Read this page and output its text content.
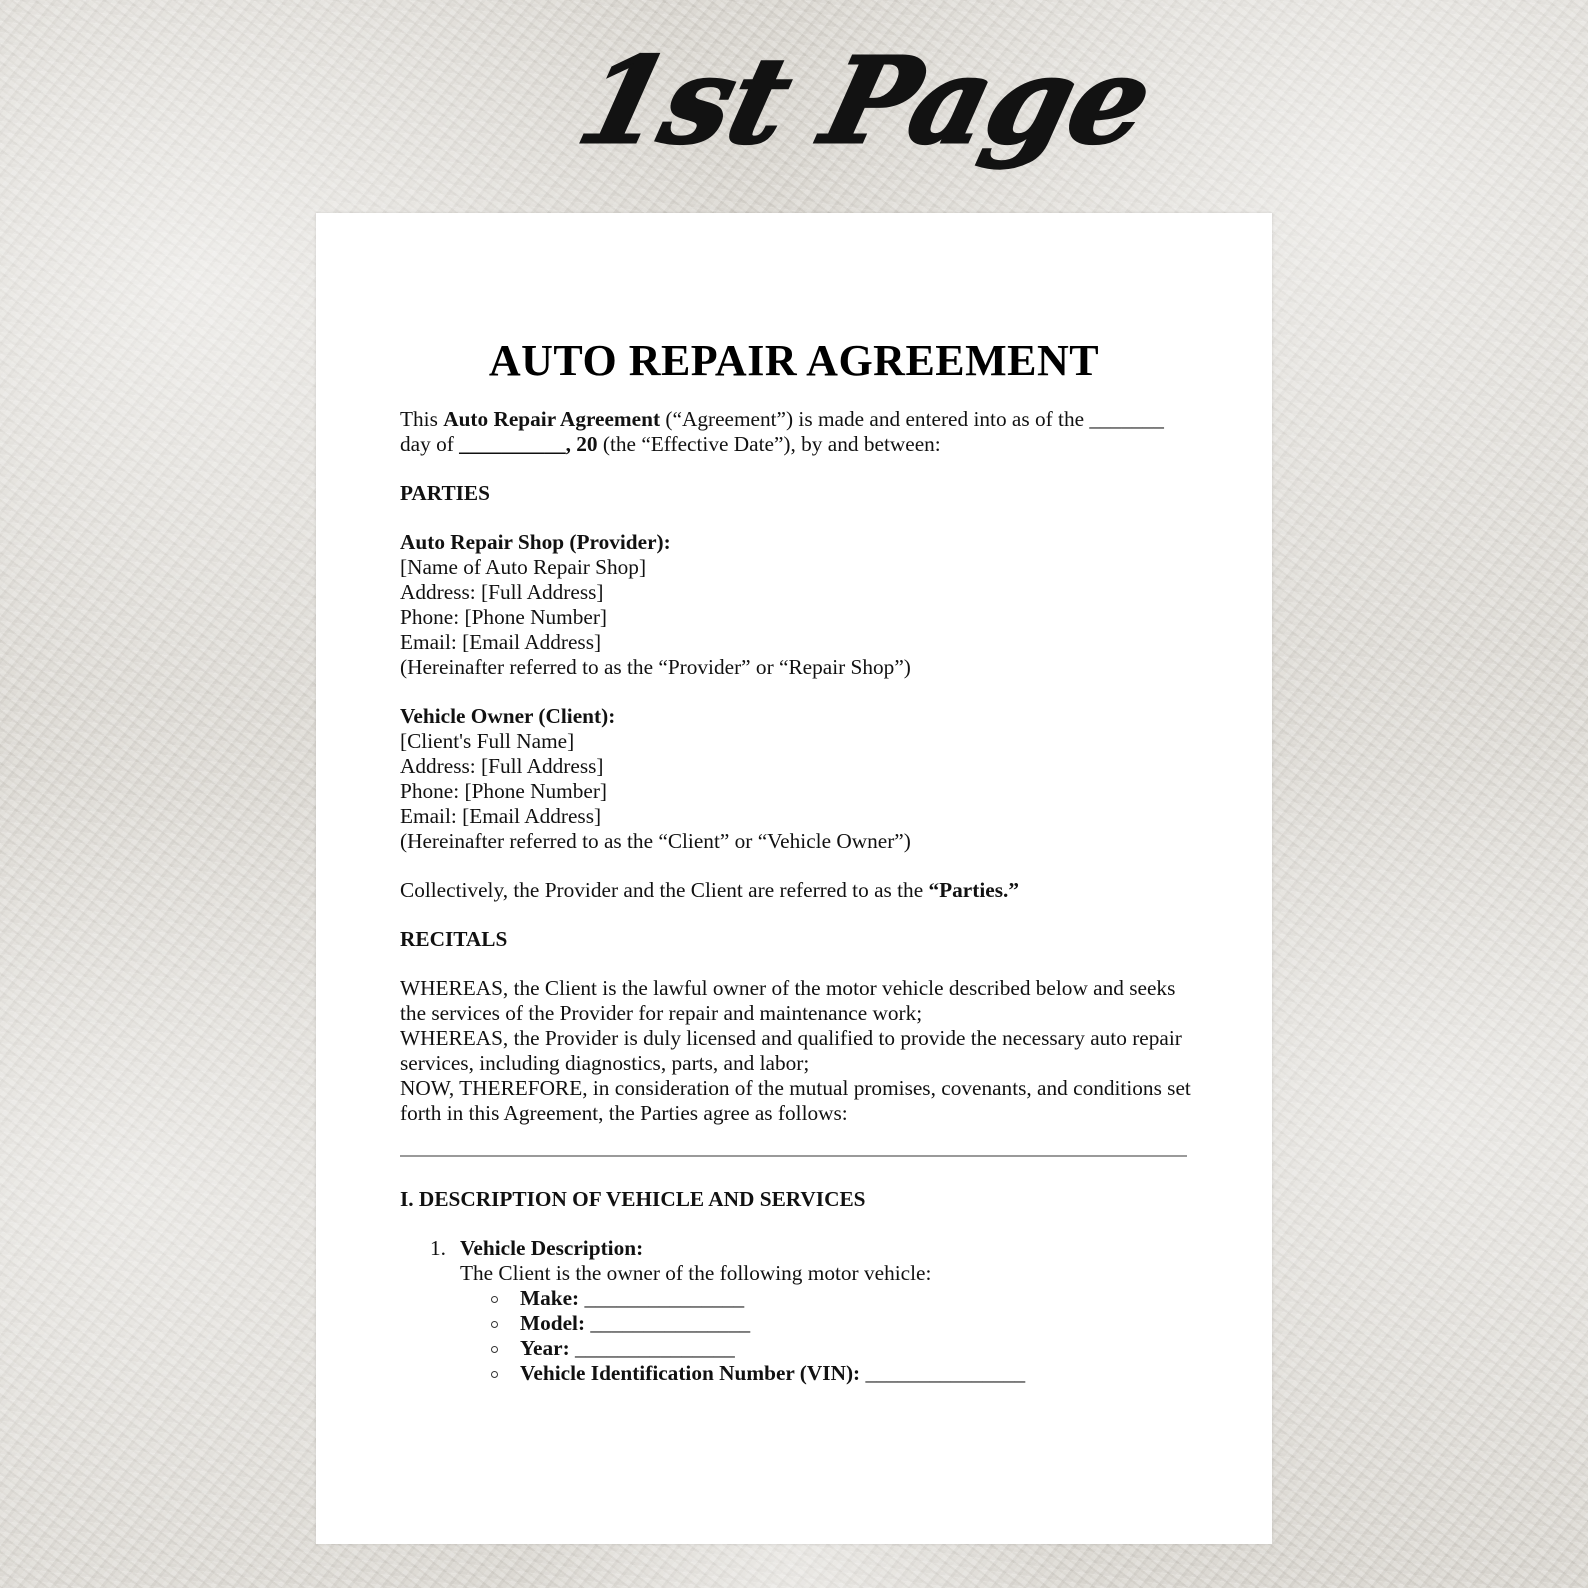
1st Page
AUTO REPAIR AGREEMENT

This Auto Repair Agreement (“Agreement”) is made and entered into as of the _______
day of __________, 20 (the “Effective Date”), by and between:

PARTIES

Auto Repair Shop (Provider):

[Name of Auto Repair Shop]

Address: [Full Address]

Phone: [Phone Number]

Email: [Email Address]

(Hereinafter referred to as the “Provider” or “Repair Shop”)

Vehicle Owner (Client):

[Client's Full Name]

Address: [Full Address]

Phone: [Phone Number]

Email: [Email Address]

(Hereinafter referred to as the “Client” or “Vehicle Owner”)

Collectively, the Provider and the Client are referred to as the “Parties.”

RECITALS

WHEREAS, the Client is the lawful owner of the motor vehicle described below and seeks the services of the Provider for repair and maintenance work;

WHEREAS, the Provider is duly licensed and qualified to provide the necessary auto repair services, including diagnostics, parts, and labor;

NOW, THEREFORE, in consideration of the mutual promises, covenants, and conditions set forth in this Agreement, the Parties agree as follows:

I. DESCRIPTION OF VEHICLE AND SERVICES

1. Vehicle Description:

The Client is the owner of the following motor vehicle:

Make: _______________
Model: _______________
Year: _______________
Vehicle Identification Number (VIN): _______________
